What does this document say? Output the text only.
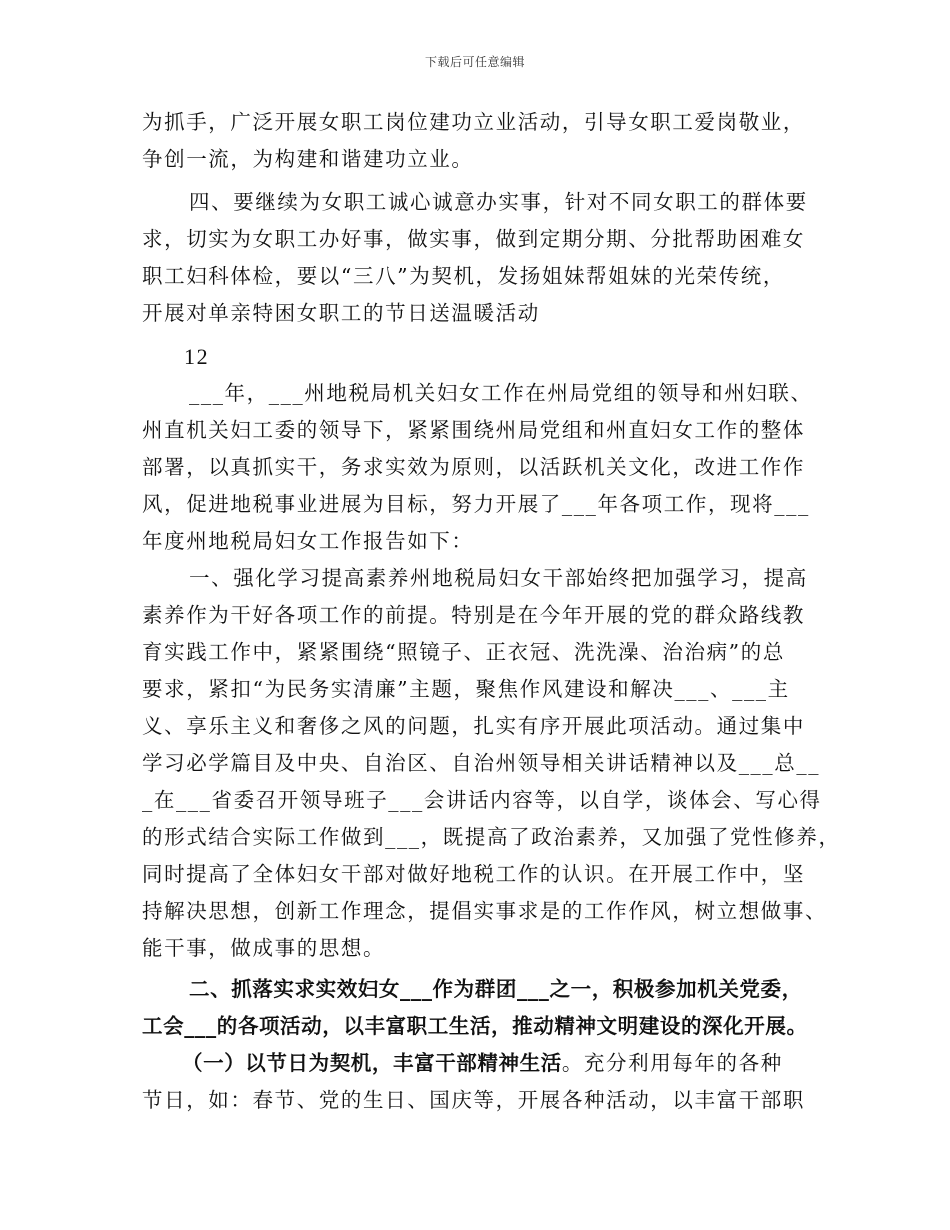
下载后可任意编辑
为抓手，广泛开展女职工岗位建功立业活动，引导女职工爱岗敬业，
争创一流，为构建和谐建功立业。
四、要继续为女职工诚心诚意办实事，针对不同女职工的群体要
求，切实为女职工办好事，做实事，做到定期分期、分批帮助困难女
职工妇科体检，要以“三八”为契机，发扬姐妹帮姐妹的光荣传统，
开展对单亲特困女职工的节日送温暖活动
12
___年，___州地税局机关妇女工作在州局党组的领导和州妇联、
州直机关妇工委的领导下，紧紧围绕州局党组和州直妇女工作的整体
部署，以真抓实干，务求实效为原则，以活跃机关文化，改进工作作
风，促进地税事业进展为目标，努力开展了___年各项工作，现将___
年度州地税局妇女工作报告如下：
一、强化学习提高素养州地税局妇女干部始终把加强学习，提高
素养作为干好各项工作的前提。特别是在今年开展的党的群众路线教
育实践工作中，紧紧围绕“照镜子、正衣冠、洗洗澡、治治病”的总
要求，紧扣“为民务实清廉”主题，聚焦作风建设和解决___、___主
义、享乐主义和奢侈之风的问题，扎实有序开展此项活动。通过集中
学习必学篇目及中央、自治区、自治州领导相关讲话精神以及___总__
_在___省委召开领导班子___会讲话内容等，以自学，谈体会、写心得
的形式结合实际工作做到___，既提高了政治素养，又加强了党性修养，
同时提高了全体妇女干部对做好地税工作的认识。在开展工作中，坚
持解决思想，创新工作理念，提倡实事求是的工作作风，树立想做事、
能干事，做成事的思想。
二、抓落实求实效妇女___作为群团___之一，积极参加机关党委，
工会___的各项活动，以丰富职工生活，推动精神文明建设的深化开展。
（一）以节日为契机，丰富干部精神生活。充分利用每年的各种
节日，如：春节、党的生日、国庆等，开展各种活动，以丰富干部职
